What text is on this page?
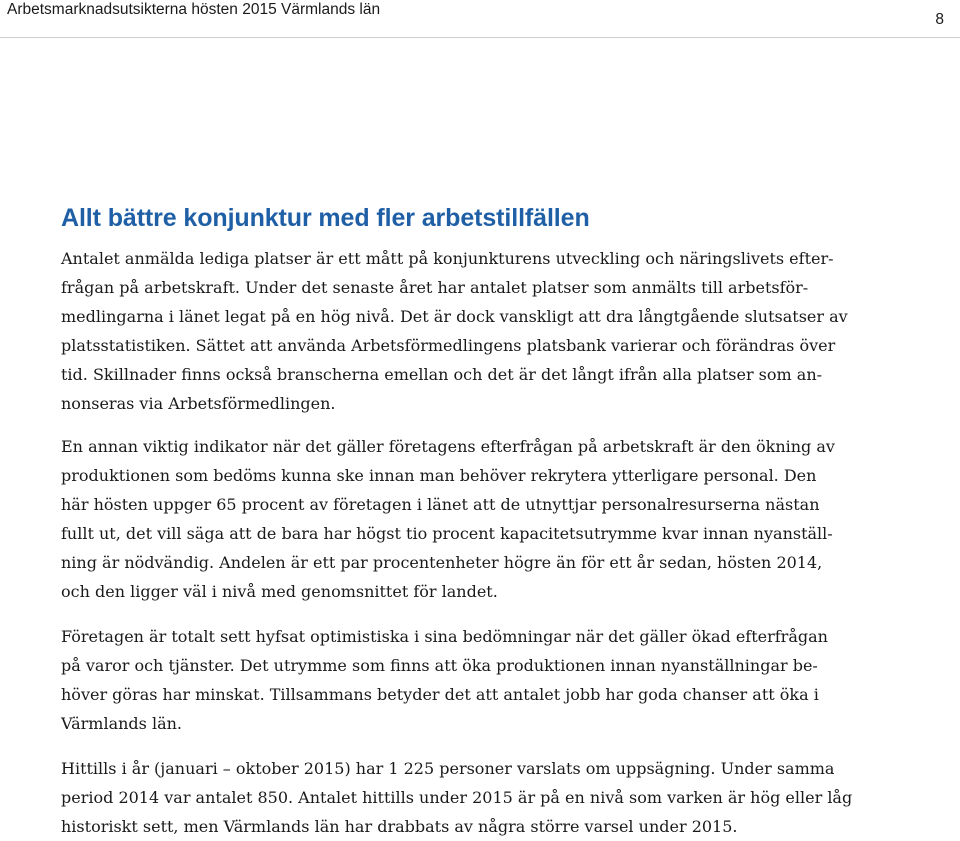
Arbetsmarknadsutsikterna hösten 2015 Värmlands län
8
Allt bättre konjunktur med fler arbetstillfällen

Antalet anmälda lediga platser är ett mått på konjunkturens utveckling och näringslivets efter-
frågan på arbetskraft. Under det senaste året har antalet platser som anmälts till arbetsför-
medlingarna i länet legat på en hög nivå. Det är dock vanskligt att dra långtgående slutsatser av
platsstatistiken. Sättet att använda Arbetsförmedlingens platsbank varierar och förändras över
tid. Skillnader finns också branscherna emellan och det är det långt ifrån alla platser som an-
nonseras via Arbetsförmedlingen.

En annan viktig indikator när det gäller företagens efterfrågan på arbetskraft är den ökning av
produktionen som bedöms kunna ske innan man behöver rekrytera ytterligare personal. Den
här hösten uppger 65 procent av företagen i länet att de utnyttjar personalresurserna nästan
fullt ut, det vill säga att de bara har högst tio procent kapacitetsutrymme kvar innan nyanställ-
ning är nödvändig. Andelen är ett par procentenheter högre än för ett år sedan, hösten 2014,
och den ligger väl i nivå med genomsnittet för landet.

Företagen är totalt sett hyfsat optimistiska i sina bedömningar när det gäller ökad efterfrågan
på varor och tjänster. Det utrymme som finns att öka produktionen innan nyanställningar be-
höver göras har minskat. Tillsammans betyder det att antalet jobb har goda chanser att öka i
Värmlands län.

Hittills i år (januari – oktober 2015) har 1 225 personer varslats om uppsägning. Under samma
period 2014 var antalet 850. Antalet hittills under 2015 är på en nivå som varken är hög eller låg
historiskt sett, men Värmlands län har drabbats av några större varsel under 2015.
